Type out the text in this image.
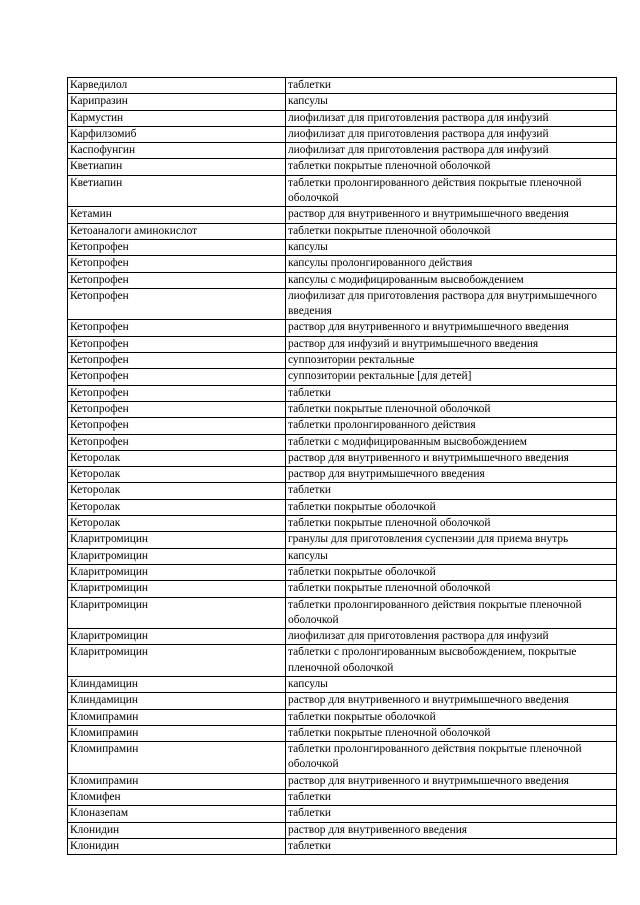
Карведилол	таблетки
Карипразин	капсулы
Кармустин	лиофилизат для приготовления раствора для инфузий
Карфилзомиб	лиофилизат для приготовления раствора для инфузий
Каспофунгин	лиофилизат для приготовления раствора для инфузий
Кветиапин	таблетки покрытые пленочной оболочкой
Кветиапин	таблетки пролонгированного действия покрытые пленочной оболочкой
Кетамин	раствор для внутривенного и внутримышечного введения
Кетоаналоги аминокислот	таблетки покрытые пленочной оболочкой
Кетопрофен	капсулы
Кетопрофен	капсулы пролонгированного действия
Кетопрофен	капсулы с модифицированным высвобождением
Кетопрофен	лиофилизат для приготовления раствора для внутримышечного введения
Кетопрофен	раствор для внутривенного и внутримышечного введения
Кетопрофен	раствор для инфузий и внутримышечного введения
Кетопрофен	суппозитории ректальные
Кетопрофен	суппозитории ректальные [для детей]
Кетопрофен	таблетки
Кетопрофен	таблетки покрытые пленочной оболочкой
Кетопрофен	таблетки пролонгированного действия
Кетопрофен	таблетки с модифицированным высвобождением
Кеторолак	раствор для внутривенного и внутримышечного введения
Кеторолак	раствор для внутримышечного введения
Кеторолак	таблетки
Кеторолак	таблетки покрытые оболочкой
Кеторолак	таблетки покрытые пленочной оболочкой
Кларитромицин	гранулы для приготовления суспензии для приема внутрь
Кларитромицин	капсулы
Кларитромицин	таблетки покрытые оболочкой
Кларитромицин	таблетки покрытые пленочной оболочкой
Кларитромицин	таблетки пролонгированного действия покрытые пленочной оболочкой
Кларитромицин	лиофилизат для приготовления раствора для инфузий
Кларитромицин	таблетки с пролонгированным высвобождением, покрытые пленочной оболочкой
Клиндамицин	капсулы
Клиндамицин	раствор для внутривенного и внутримышечного введения
Кломипрамин	таблетки покрытые оболочкой
Кломипрамин	таблетки покрытые пленочной оболочкой
Кломипрамин	таблетки пролонгированного действия покрытые пленочной оболочкой
Кломипрамин	раствор для внутривенного и внутримышечного введения
Кломифен	таблетки
Клоназепам	таблетки
Клонидин	раствор для внутривенного введения
Клонидин	таблетки
